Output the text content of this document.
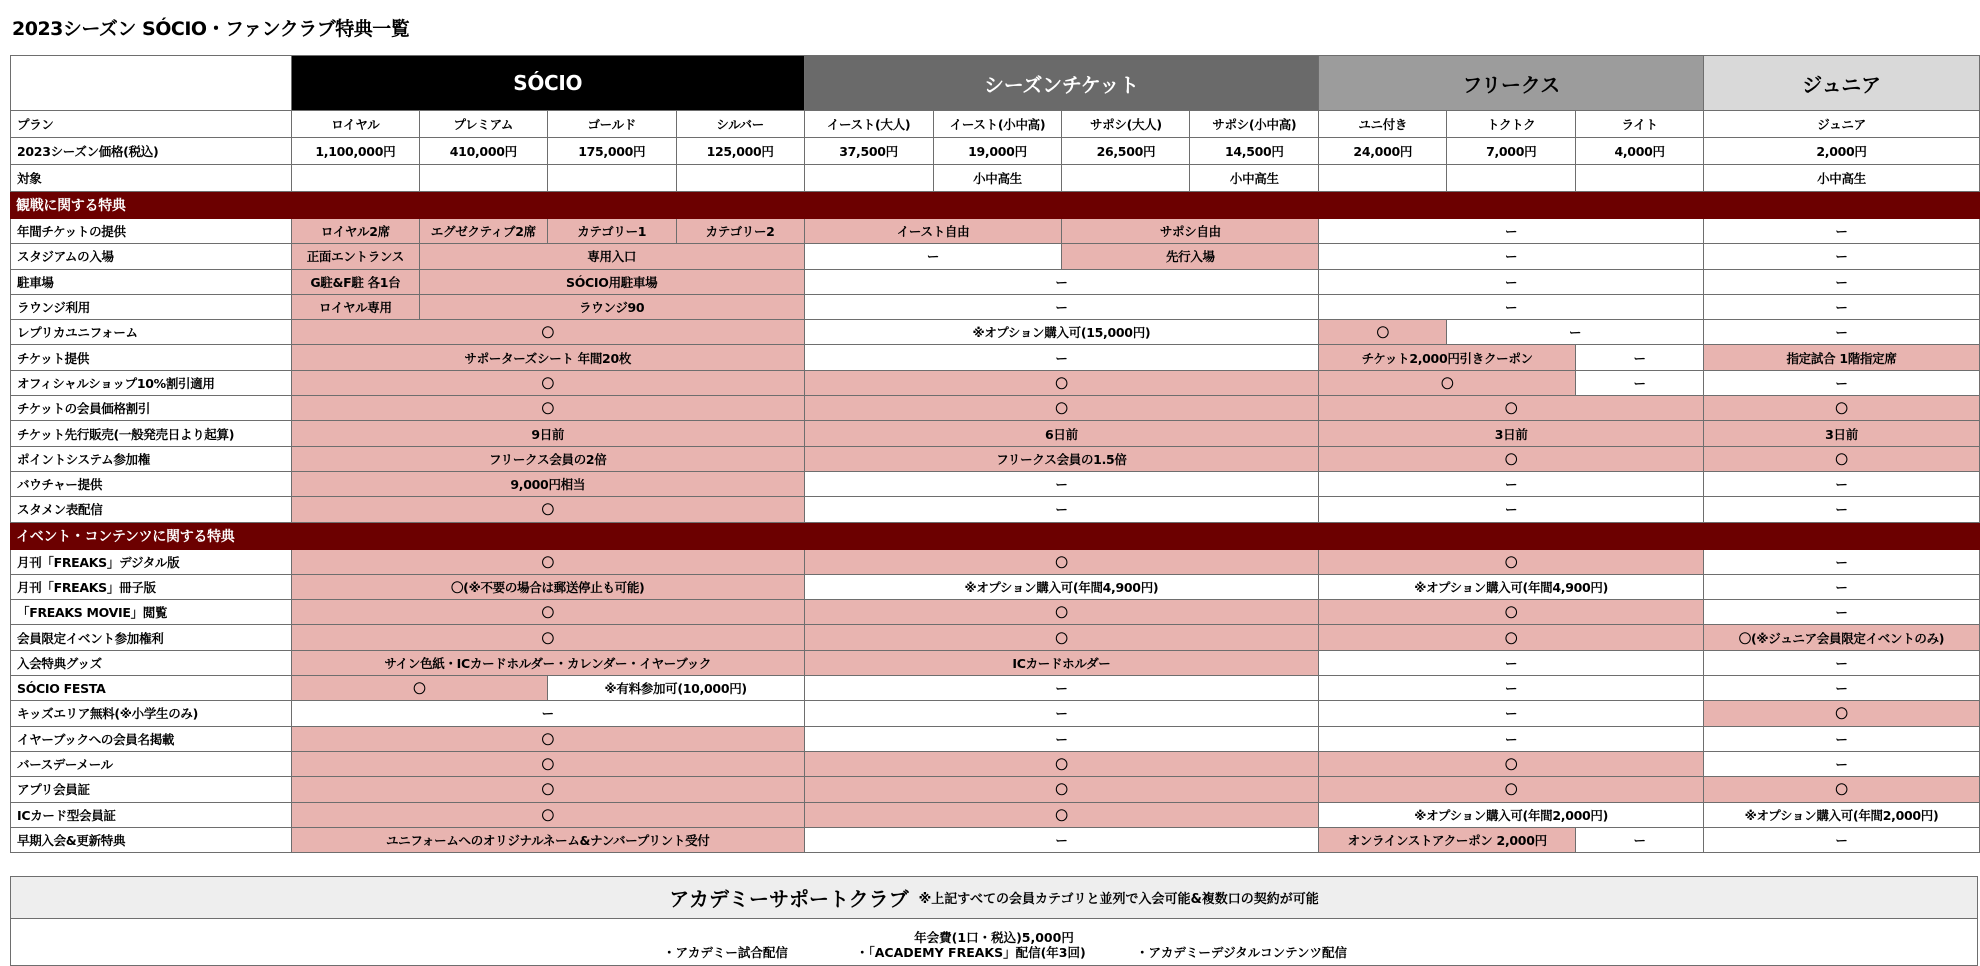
2023シーズン SÓCIO・ファンクラブ特典一覧
	SÓCIO				シーズンチケット				フリークス			ジュニア
プラン	ロイヤル	プレミアム	ゴールド	シルバー	イースト(大人)	イースト(小中高)	サポシ(大人)	サポシ(小中高)	ユニ付き	トクトク	ライト	ジュニア
2023シーズン価格(税込)	1,100,000円	410,000円	175,000円	125,000円	37,500円	19,000円	26,500円	14,500円	24,000円	7,000円	4,000円	2,000円
対象						小中高生		小中高生				小中高生
観戦に関する特典												
年間チケットの提供	ロイヤル2席	エグゼクティブ2席	カテゴリー1	カテゴリー2	イースト自由		サポシ自由		ー			ー
スタジアムの入場	正面エントランス	専用入口			ー		先行入場		ー			ー
駐車場	G駐&F駐 各1台	SÓCIO用駐車場			ー				ー			ー
ラウンジ利用	ロイヤル専用	ラウンジ90			ー				ー			ー
レプリカユニフォーム	〇				※オプション購入可(15,000円)				〇	ー		ー
チケット提供	サポーターズシート 年間20枚				ー				チケット2,000円引きクーポン		ー	指定試合 1階指定席
オフィシャルショップ10%割引適用	〇				〇				〇		ー	ー
チケットの会員価格割引	〇				〇				〇			〇
チケット先行販売(一般発売日より起算)	9日前				6日前				3日前			3日前
ポイントシステム参加権	フリークス会員の2倍				フリークス会員の1.5倍				〇			〇
バウチャー提供	9,000円相当				ー				ー			ー
スタメン表配信	〇				ー				ー			ー
イベント・コンテンツに関する特典												
月刊「FREAKS」デジタル版	〇				〇				〇			ー
月刊「FREAKS」冊子版	〇(※不要の場合は郵送停止も可能)				※オプション購入可(年間4,900円)				※オプション購入可(年間4,900円)			ー
「FREAKS MOVIE」閲覧	〇				〇				〇			ー
会員限定イベント参加権利	〇				〇				〇			〇(※ジュニア会員限定イベントのみ)
入会特典グッズ	サイン色紙・ICカードホルダー・カレンダー・イヤーブック				ICカードホルダー				ー			ー
SÓCIO FESTA	〇		※有料参加可(10,000円)		ー				ー			ー
キッズエリア無料(※小学生のみ)	ー				ー				ー			〇
イヤーブックへの会員名掲載	〇				ー				ー			ー
バースデーメール	〇				〇				〇			ー
アプリ会員証	〇				〇				〇			〇
ICカード型会員証	〇				〇				※オプション購入可(年間2,000円)			※オプション購入可(年間2,000円)
早期入会&更新特典	ユニフォームへのオリジナルネーム&ナンバープリント受付				ー				オンラインストアクーポン 2,000円		ー	ー
アカデミーサポートクラブ ※上記すべての会員カテゴリと並列で入会可能&複数口の契約が可能
年会費(1口・税込)5,000円
・アカデミー試合配信	・「ACADEMY FREAKS」配信(年3回)	・アカデミーデジタルコンテンツ配信
